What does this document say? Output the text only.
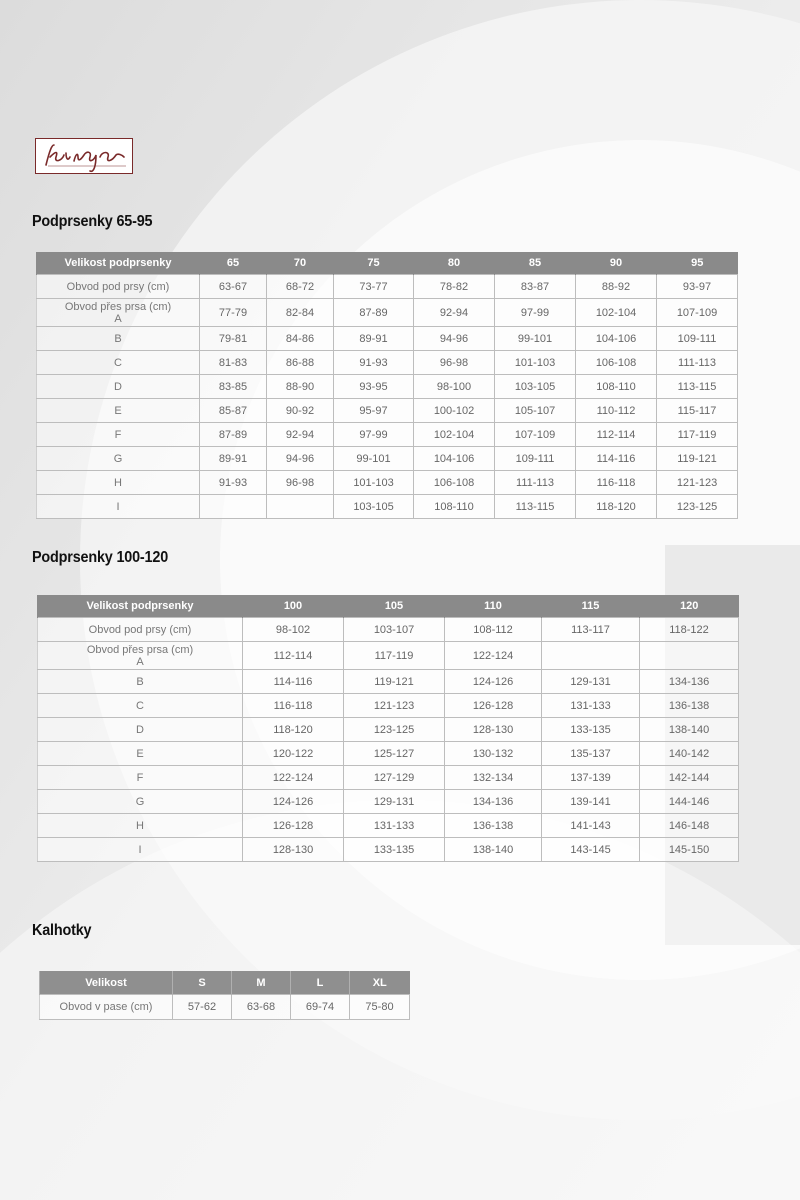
Podprsenky 65-95
Velikost podprsenky	65	70	75	80	85	90	95
Obvod pod prsy (cm)	63-67	68-72	73-77	78-82	83-87	88-92	93-97
Obvod přes prsa (cm)
A	77-79	82-84	87-89	92-94	97-99	102-104	107-109
B	79-81	84-86	89-91	94-96	99-101	104-106	109-111
C	81-83	86-88	91-93	96-98	101-103	106-108	111-113
D	83-85	88-90	93-95	98-100	103-105	108-110	113-115
E	85-87	90-92	95-97	100-102	105-107	110-112	115-117
F	87-89	92-94	97-99	102-104	107-109	112-114	117-119
G	89-91	94-96	99-101	104-106	109-111	114-116	119-121
H	91-93	96-98	101-103	106-108	111-113	116-118	121-123
I			103-105	108-110	113-115	118-120	123-125
Podprsenky 100-120
Velikost podprsenky	100	105	110	115	120
Obvod pod prsy (cm)	98-102	103-107	108-112	113-117	118-122
Obvod přes prsa (cm)
A	112-114	117-119	122-124		
B	114-116	119-121	124-126	129-131	134-136
C	116-118	121-123	126-128	131-133	136-138
D	118-120	123-125	128-130	133-135	138-140
E	120-122	125-127	130-132	135-137	140-142
F	122-124	127-129	132-134	137-139	142-144
G	124-126	129-131	134-136	139-141	144-146
H	126-128	131-133	136-138	141-143	146-148
I	128-130	133-135	138-140	143-145	145-150
Kalhotky
Velikost	S	M	L	XL
Obvod v pase (cm)	57-62	63-68	69-74	75-80
